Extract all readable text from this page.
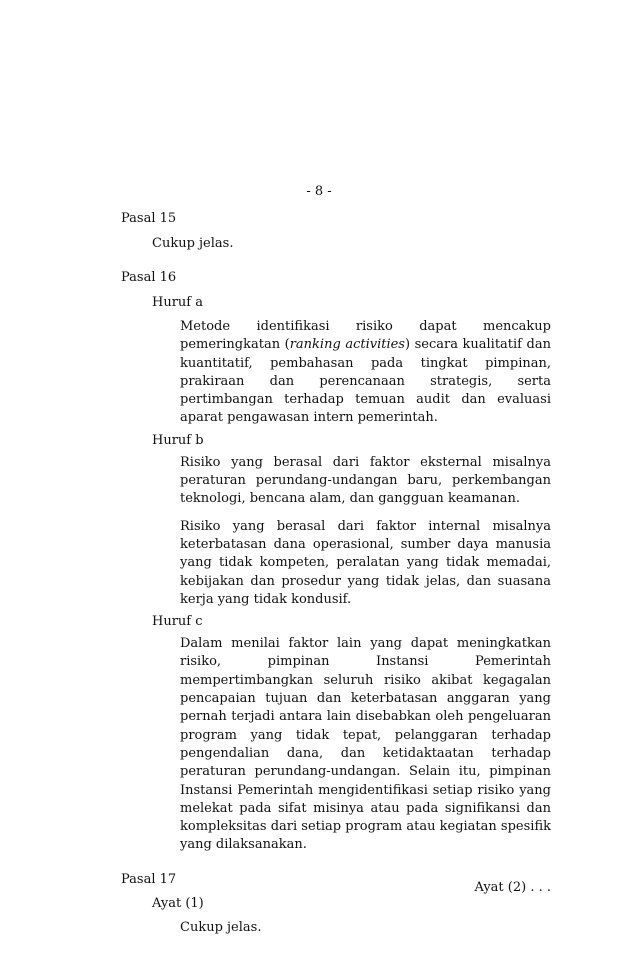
- 8 -
Pasal 15
Cukup jelas.
Pasal 16
Huruf a
Metode identifikasi risiko dapat mencakup pemeringkatan (ranking activities) secara kualitatif dan kuantitatif, pembahasan pada tingkat pimpinan, prakiraan dan perencanaan strategis, serta pertimbangan terhadap temuan audit dan evaluasi aparat pengawasan intern pemerintah.
Huruf b
Risiko yang berasal dari faktor eksternal misalnya peraturan perundang-undangan baru, perkembangan teknologi, bencana alam, dan gangguan keamanan.
Risiko yang berasal dari faktor internal misalnya keterbatasan dana operasional, sumber daya manusia yang tidak kompeten, peralatan yang tidak memadai, kebijakan dan prosedur yang tidak jelas, dan suasana kerja yang tidak kondusif.
Huruf c
Dalam menilai faktor lain yang dapat meningkatkan risiko, pimpinan Instansi Pemerintah mempertimbangkan seluruh risiko akibat kegagalan pencapaian tujuan dan keterbatasan anggaran yang pernah terjadi antara lain disebabkan oleh pengeluaran program yang tidak tepat, pelanggaran terhadap pengendalian dana, dan ketidaktaatan terhadap peraturan perundang-undangan. Selain itu, pimpinan Instansi Pemerintah mengidentifikasi setiap risiko yang melekat pada sifat misinya atau pada signifikansi dan kompleksitas dari setiap program atau kegiatan spesifik yang dilaksanakan.
Pasal 17
Ayat (1)
Cukup jelas.
Ayat (2) . . .
